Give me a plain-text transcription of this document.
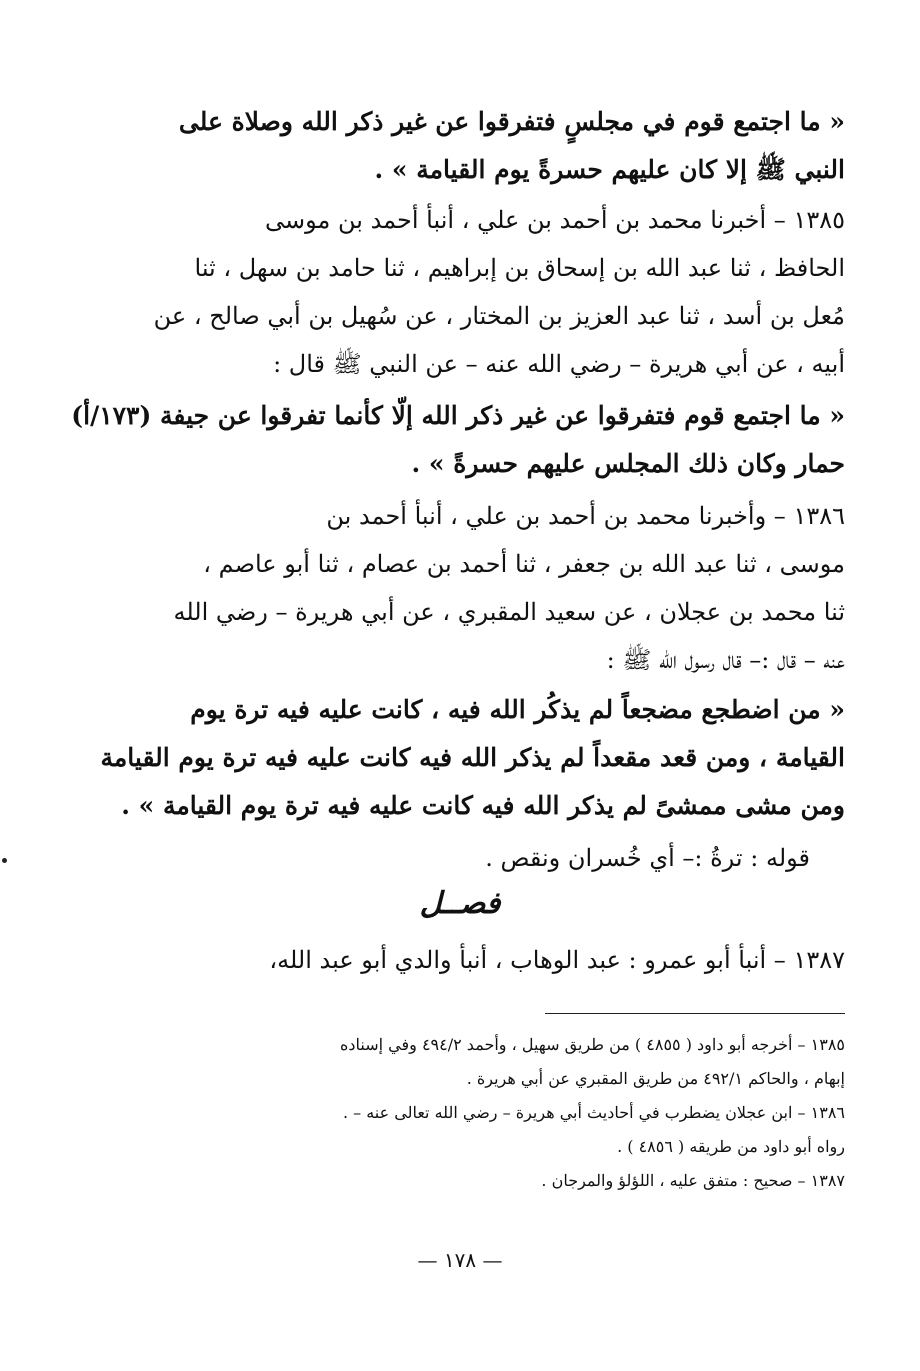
« ما اجتمع قوم في مجلسٍ فتفرقوا عن غير ذكر الله وصلاة على
النبي ﷺ إلا كان عليهم حسرةً يوم القيامة » .
١٣٨٥ – أخبرنا محمد بن أحمد بن علي ، أنبأ أحمد بن موسى
الحافظ ، ثنا عبد الله بن إسحاق بن إبراهيم ، ثنا حامد بن سهل ، ثنا
مُعل بن أسد ، ثنا عبد العزيز بن المختار ، عن سُهيل بن أبي صالح ، عن
أبيه ، عن أبي هريرة – رضي الله عنه – عن النبي ﷺ قال :
« ما اجتمع قوم فتفرقوا عن غير ذكر الله إلّا كأنما تفرقوا عن جيفة (١٧٣/أ)
حمار وكان ذلك المجلس عليهم حسرةً » .
١٣٨٦ – وأخبرنا محمد بن أحمد بن علي ، أنبأ أحمد بن
موسى ، ثنا عبد الله بن جعفر ، ثنا أحمد بن عصام ، ثنا أبو عاصم ،
ثنا محمد بن عجلان ، عن سعيد المقبري ، عن أبي هريرة – رضي الله
عنه – قال :– قال رسول الله ﷺ :
« من اضطجع مضجعاً لم يذكُر الله فيه ، كانت عليه فيه ترة يوم
القيامة ، ومن قعد مقعداً لم يذكر الله فيه كانت عليه فيه ترة يوم القيامة
ومن مشى ممشىً لم يذكر الله فيه كانت عليه فيه ترة يوم القيامة » .
قوله : ترةُ :– أي خُسران ونقص .
فصــل
١٣٨٧ – أنبأ أبو عمرو : عبد الوهاب ، أنبأ والدي أبو عبد الله،
١٣٨٥ – أخرجه أبو داود ( ٤٨٥٥ ) من طريق سهيل ، وأحمد ٤٩٤/٢ وفي إسناده
إبهام ، والحاكم ٤٩٢/١ من طريق المقبري عن أبي هريرة .
١٣٨٦ – ابن عجلان يضطرب في أحاديث أبي هريرة – رضي الله تعالى عنه – .
رواه أبو داود من طريقه ( ٤٨٥٦ ) .
١٣٨٧ – صحيح : متفق عليه ، اللؤلؤ والمرجان .
— ١٧٨ —
